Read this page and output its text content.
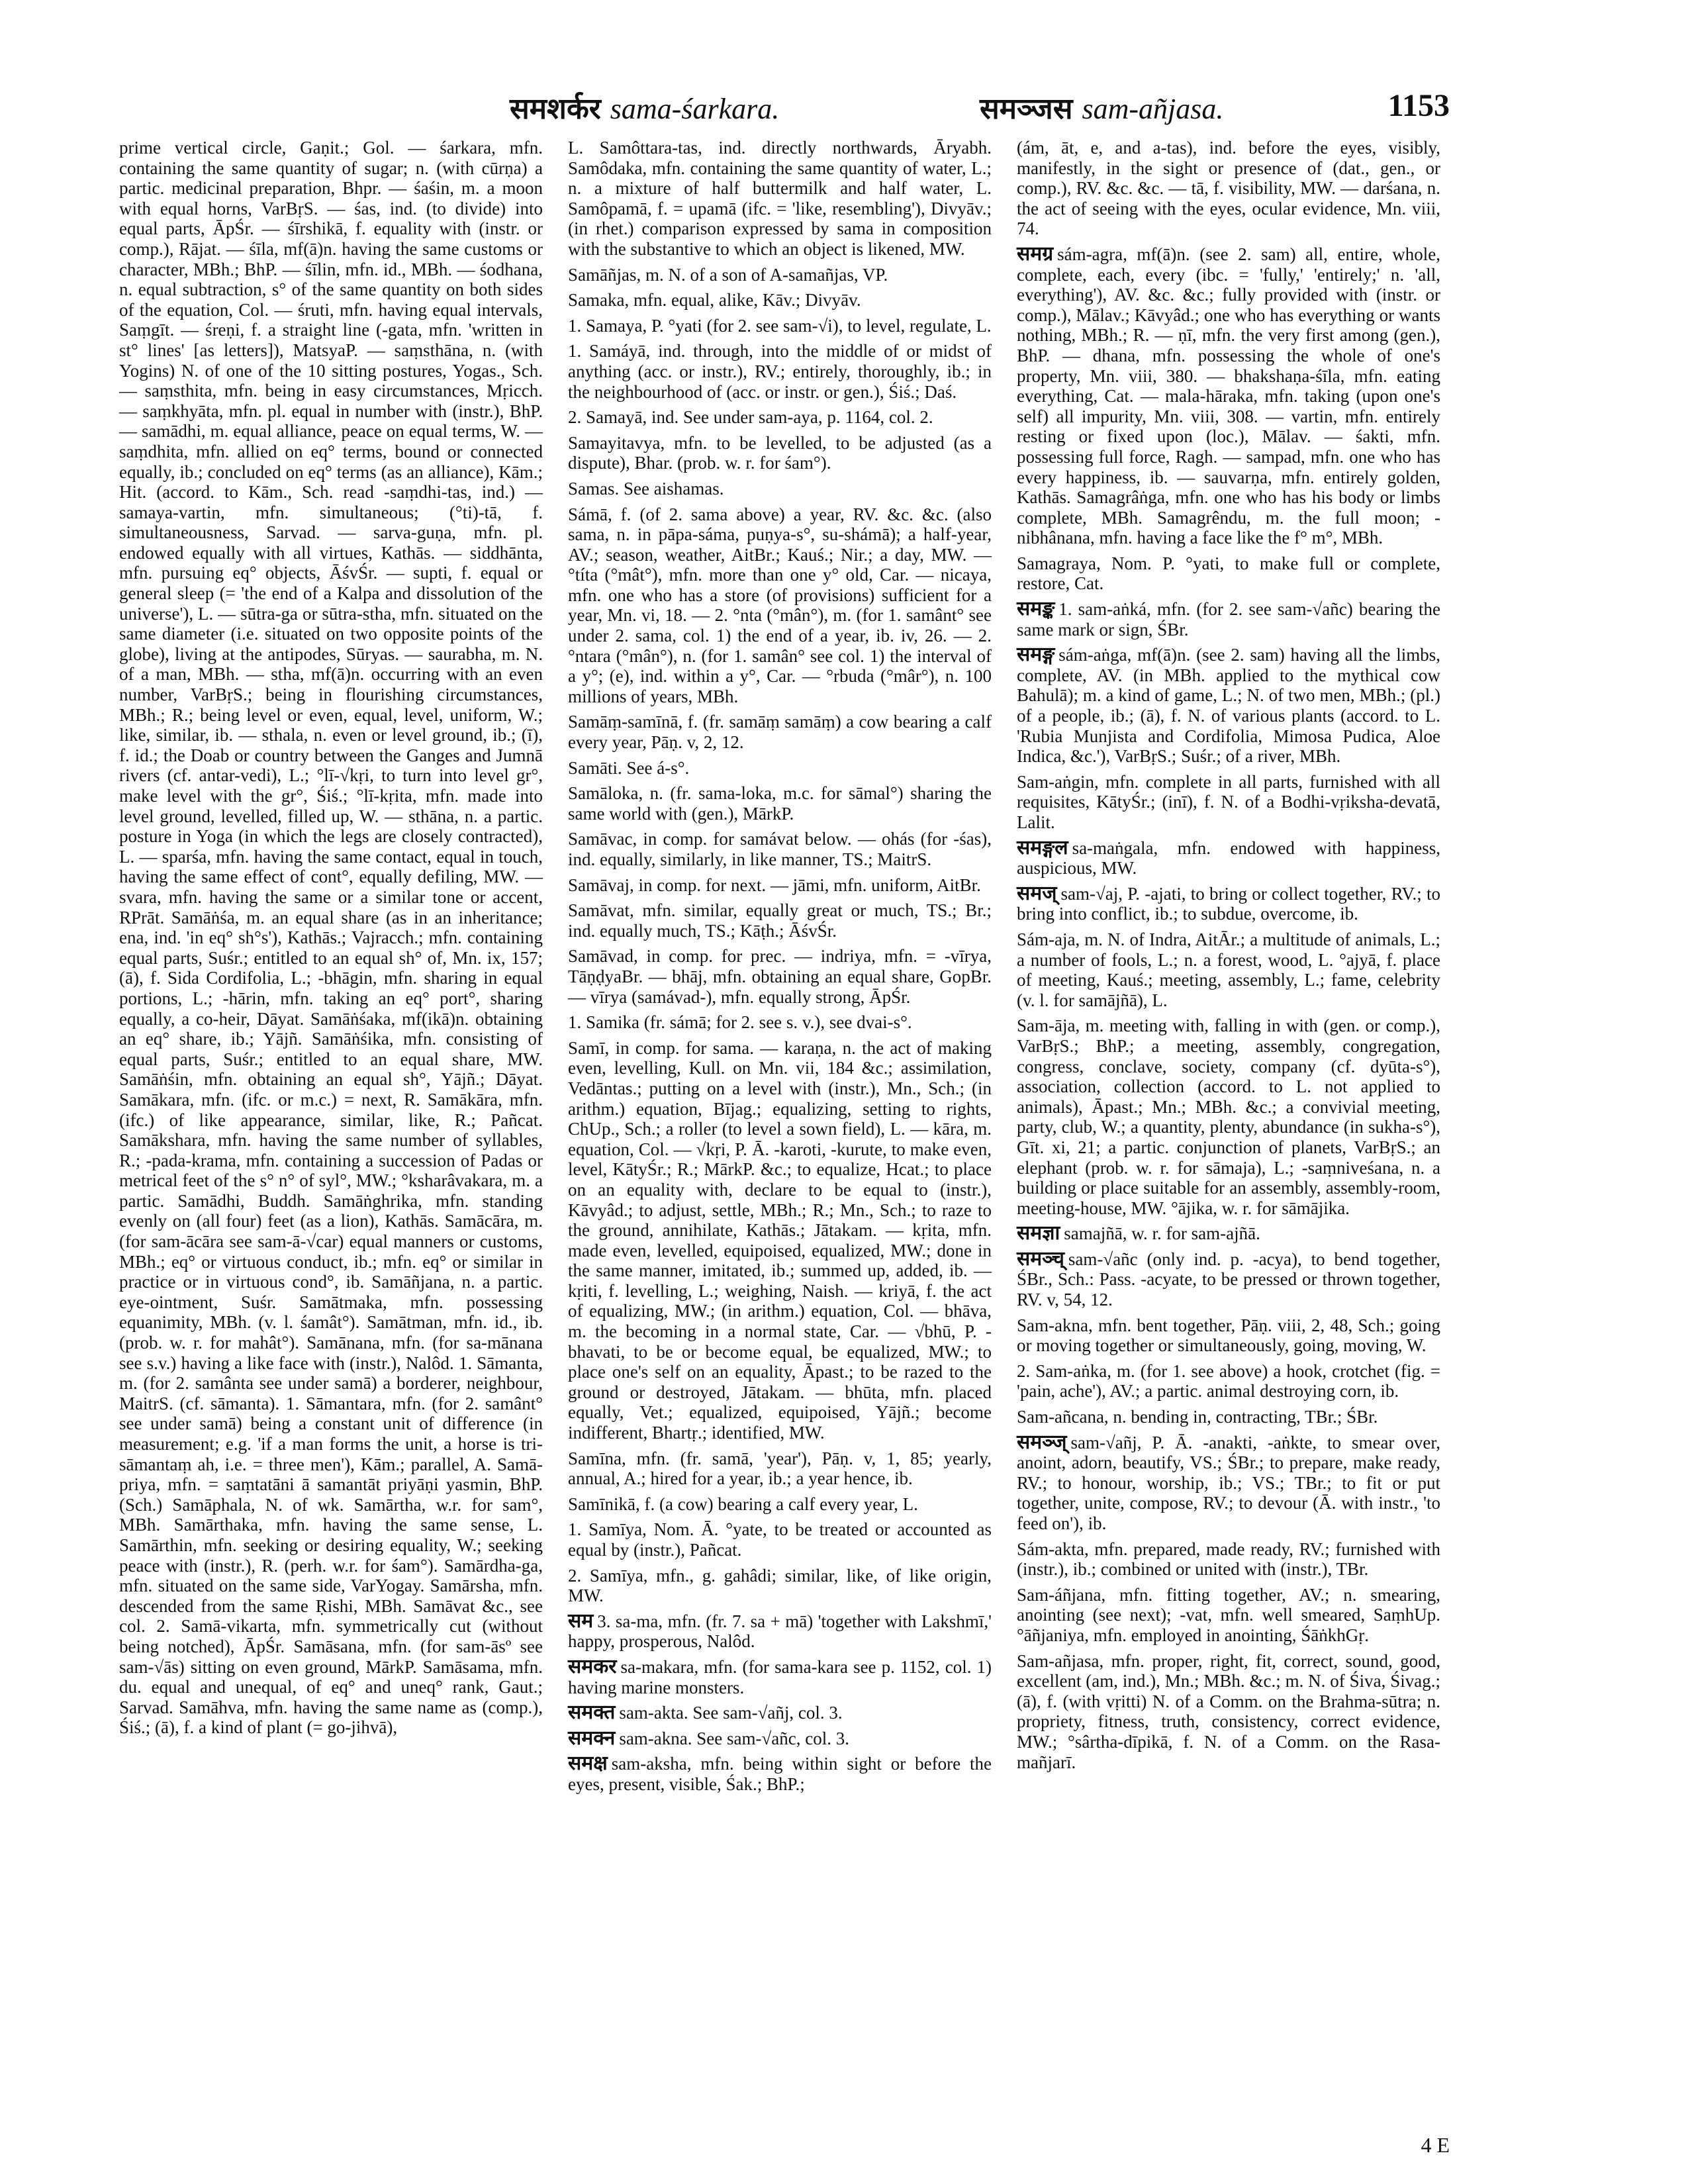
समशर्कर sama-śarkara.	समञ्जस sam-añjasa.	1153

prime vertical circle, Gaṇit.; Gol. — śarkara, mfn. containing the same quantity of sugar; n. (with cūrṇa) a partic. medicinal preparation, Bhpr. — śaśin, m. a moon with equal horns, VarBṛS. — śas, ind. (to divide) into equal parts, ĀpŚr. — śīrshikā, f. equality with (instr. or comp.), Rājat. — śīla, mf(ā)n. having the same customs or character, MBh.; BhP. — śīlin, mfn. id., MBh. — śodhana, n. equal subtraction, s° of the same quantity on both sides of the equation, Col. — śruti, mfn. having equal intervals, Saṃgīt. — śreṇi, f. a straight line (-gata, mfn. 'written in st° lines' [as letters]), MatsyaP. — saṃsthāna, n. (with Yogins) N. of one of the 10 sitting postures, Yogas., Sch. — saṃsthita, mfn. being in easy circumstances, Mṛicch. — saṃkhyāta, mfn. pl. equal in number with (instr.), BhP. — samādhi, m. equal alliance, peace on equal terms, W. — saṃdhita, mfn. allied on eq° terms, bound or connected equally, ib.; concluded on eq° terms (as an alliance), Kām.; Hit. (accord. to Kām., Sch. read -saṃdhi-tas, ind.) — samaya-vartin, mfn. simultaneous; (°ti)-tā, f. simultaneousness, Sarvad. — sarva-guṇa, mfn. pl. endowed equally with all virtues, Kathās. — siddhānta, mfn. pursuing eq° objects, ĀśvŚr. — supti, f. equal or general sleep (= 'the end of a Kalpa and dissolution of the universe'), L. — sūtra-ga or sūtra-stha, mfn. situated on the same diameter (i.e. situated on two opposite points of the globe), living at the antipodes, Sūryas. — saurabha, m. N. of a man, MBh. — stha, mf(ā)n. occurring with an even number, VarBṛS.; being in flourishing circumstances, MBh.; R.; being level or even, equal, level, uniform, W.; like, similar, ib. — sthala, n. even or level ground, ib.; (ī), f. id.; the Doab or country between the Ganges and Jumnā rivers (cf. antar-vedi), L.; °lī-√kṛi, to turn into level gr°, make level with the gr°, Śiś.; °lī-kṛita, mfn. made into level ground, levelled, filled up, W. — sthāna, n. a partic. posture in Yoga (in which the legs are closely contracted), L. — sparśa, mfn. having the same contact, equal in touch, having the same effect of cont°, equally defiling, MW. — svara, mfn. having the same or a similar tone or accent, RPrāt. Samāṅśa, m. an equal share (as in an inheritance; ena, ind. 'in eq° sh°s'), Kathās.; Vajracch.; mfn. containing equal parts, Suśr.; entitled to an equal sh° of, Mn. ix, 157; (ā), f. Sida Cordifolia, L.; -bhāgin, mfn. sharing in equal portions, L.; -hārin, mfn. taking an eq° port°, sharing equally, a co-heir, Dāyat. Samāṅśaka, mf(ikā)n. obtaining an eq° share, ib.; Yājñ. Samāṅśika, mfn. consisting of equal parts, Suśr.; entitled to an equal share, MW. Samāṅśin, mfn. obtaining an equal sh°, Yājñ.; Dāyat. Samākara, mfn. (ifc. or m.c.) = next, R. Samākāra, mfn. (ifc.) of like appearance, similar, like, R.; Pañcat. Samākshara, mfn. having the same number of syllables, R.; -pada-krama, mfn. containing a succession of Padas or metrical feet of the s° n° of syl°, MW.; °ksharâvakara, m. a partic. Samādhi, Buddh. Samāṅghrika, mfn. standing evenly on (all four) feet (as a lion), Kathās. Samācāra, m. (for sam-ācāra see sam-ā-√car) equal manners or customs, MBh.; eq° or virtuous conduct, ib.; mfn. eq° or similar in practice or in virtuous cond°, ib. Samāñjana, n. a partic. eye-ointment, Suśr. Samātmaka, mfn. possessing equanimity, MBh. (v. l. śamât°). Samātman, mfn. id., ib. (prob. w. r. for mahât°). Samānana, mfn. (for sa-mānana see s.v.) having a like face with (instr.), Nalôd. 1. Sāmanta, m. (for 2. samânta see under samā) a borderer, neighbour, MaitrS. (cf. sāmanta). 1. Sāmantara, mfn. (for 2. samânt° see under samā) being a constant unit of difference (in measurement; e.g. 'if a man forms the unit, a horse is tri-sāmantaṃ ah, i.e. = three men'), Kām.; parallel, A. Samā-priya, mfn. = saṃtatāni ā samantāt priyāṇi yasmin, BhP. (Sch.) Samāphala, N. of wk. Samārtha, w.r. for sam°, MBh. Samārthaka, mfn. having the same sense, L. Samārthin, mfn. seeking or desiring equality, W.; seeking peace with (instr.), R. (perh. w.r. for śam°). Samārdha-ga, mfn. situated on the same side, VarYogay. Samārsha, mfn. descended from the same Ṛishi, MBh. Samāvat &c., see col. 2. Samā-vikarta, mfn. symmetrically cut (without being notched), ĀpŚr. Samāsana, mfn. (for sam-āsº see sam-√ās) sitting on even ground, MārkP. Samāsama, mfn. du. equal and unequal, of eq° and uneq° rank, Gaut.; Sarvad. Samāhva, mfn. having the same name as (comp.), Śiś.; (ā), f. a kind of plant (= go-jihvā),

L. Samôttara-tas, ind. directly northwards, Āryabh. Samôdaka, mfn. containing the same quantity of water, L.; n. a mixture of half buttermilk and half water, L. Samôpamā, f. = upamā (ifc. = 'like, resembling'), Divyāv.; (in rhet.) comparison expressed by sama in composition with the substantive to which an object is likened, MW.

Samāñjas, m. N. of a son of A-samañjas, VP.

Samaka, mfn. equal, alike, Kāv.; Divyāv.

1. Samaya, P. °yati (for 2. see sam-√i), to level, regulate, L.

1. Samáyā, ind. through, into the middle of or midst of anything (acc. or instr.), RV.; entirely, thoroughly, ib.; in the neighbourhood of (acc. or instr. or gen.), Śiś.; Daś.

2. Samayā, ind. See under sam-aya, p. 1164, col. 2.

Samayitavya, mfn. to be levelled, to be adjusted (as a dispute), Bhar. (prob. w. r. for śam°).

Samas. See aishamas.

Sámā, f. (of 2. sama above) a year, RV. &c. &c. (also sama, n. in pāpa-sáma, puṇya-s°, su-shámā); a half-year, AV.; season, weather, AitBr.; Kauś.; Nir.; a day, MW. — °títa (°mât°), mfn. more than one y° old, Car. — nicaya, mfn. one who has a store (of provisions) sufficient for a year, Mn. vi, 18. — 2. °nta (°mân°), m. (for 1. samânt° see under 2. sama, col. 1) the end of a year, ib. iv, 26. — 2. °ntara (°mân°), n. (for 1. samân° see col. 1) the interval of a y°; (e), ind. within a y°, Car. — °rbuda (°mâr°), n. 100 millions of years, MBh.

Samāṃ-samīnā, f. (fr. samāṃ samāṃ) a cow bearing a calf every year, Pāṇ. v, 2, 12.

Samāti. See á-s°.

Samāloka, n. (fr. sama-loka, m.c. for sāmal°) sharing the same world with (gen.), MārkP.

Samāvac, in comp. for samávat below. — ohás (for -śas), ind. equally, similarly, in like manner, TS.; MaitrS.

Samāvaj, in comp. for next. — jāmi, mfn. uniform, AitBr.

Samāvat, mfn. similar, equally great or much, TS.; Br.; ind. equally much, TS.; Kāṭh.; ĀśvŚr.

Samāvad, in comp. for prec. — indriya, mfn. = -vīrya, TāṇḍyaBr. — bhāj, mfn. obtaining an equal share, GopBr. — vīrya (samávad-), mfn. equally strong, ĀpŚr.

1. Samika (fr. sámā; for 2. see s. v.), see dvai-s°.

Samī, in comp. for sama. — karaṇa, n. the act of making even, levelling, Kull. on Mn. vii, 184 &c.; assimilation, Vedāntas.; putting on a level with (instr.), Mn., Sch.; (in arithm.) equation, Bījag.; equalizing, setting to rights, ChUp., Sch.; a roller (to level a sown field), L. — kāra, m. equation, Col. — √kṛi, P. Ā. -karoti, -kurute, to make even, level, KātyŚr.; R.; MārkP. &c.; to equalize, Hcat.; to place on an equality with, declare to be equal to (instr.), Kāvyâd.; to adjust, settle, MBh.; R.; Mn., Sch.; to raze to the ground, annihilate, Kathās.; Jātakam. — kṛita, mfn. made even, levelled, equipoised, equalized, MW.; done in the same manner, imitated, ib.; summed up, added, ib. — kṛiti, f. levelling, L.; weighing, Naish. — kriyā, f. the act of equalizing, MW.; (in arithm.) equation, Col. — bhāva, m. the becoming in a normal state, Car. — √bhū, P. -bhavati, to be or become equal, be equalized, MW.; to place one's self on an equality, Āpast.; to be razed to the ground or destroyed, Jātakam. — bhūta, mfn. placed equally, Vet.; equalized, equipoised, Yājñ.; become indifferent, Bhartṛ.; identified, MW.

Samīna, mfn. (fr. samā, 'year'), Pāṇ. v, 1, 85; yearly, annual, A.; hired for a year, ib.; a year hence, ib.

Samīnikā, f. (a cow) bearing a calf every year, L.

1. Samīya, Nom. Ā. °yate, to be treated or accounted as equal by (instr.), Pañcat.

2. Samīya, mfn., g. gahâdi; similar, like, of like origin, MW.

सम 3. sa-ma, mfn. (fr. 7. sa + mā) 'together with Lakshmī,' happy, prosperous, Nalôd.

समकर sa-makara, mfn. (for sama-kara see p. 1152, col. 1) having marine monsters.

समक्त sam-akta. See sam-√añj, col. 3.

समक्न sam-akna. See sam-√añc, col. 3.

समक्ष sam-aksha, mfn. being within sight or before the eyes, present, visible, Śak.; BhP.;

(ám, āt, e, and a-tas), ind. before the eyes, visibly, manifestly, in the sight or presence of (dat., gen., or comp.), RV. &c. &c. — tā, f. visibility, MW. — darśana, n. the act of seeing with the eyes, ocular evidence, Mn. viii, 74.

समग्र sám-agra, mf(ā)n. (see 2. sam) all, entire, whole, complete, each, every (ibc. = 'fully,' 'entirely;' n. 'all, everything'), AV. &c. &c.; fully provided with (instr. or comp.), Mālav.; Kāvyâd.; one who has everything or wants nothing, MBh.; R. — ṇī, mfn. the very first among (gen.), BhP. — dhana, mfn. possessing the whole of one's property, Mn. viii, 380. — bhakshaṇa-śīla, mfn. eating everything, Cat. — mala-hāraka, mfn. taking (upon one's self) all impurity, Mn. viii, 308. — vartin, mfn. entirely resting or fixed upon (loc.), Mālav. — śakti, mfn. possessing full force, Ragh. — sampad, mfn. one who has every happiness, ib. — sauvarṇa, mfn. entirely golden, Kathās. Samagrâṅga, mfn. one who has his body or limbs complete, MBh. Samagrêndu, m. the full moon; -nibhânana, mfn. having a face like the f° m°, MBh.

Samagraya, Nom. P. °yati, to make full or complete, restore, Cat.

समङ्क 1. sam-aṅká, mfn. (for 2. see sam-√añc) bearing the same mark or sign, ŚBr.

समङ्ग sám-aṅga, mf(ā)n. (see 2. sam) having all the limbs, complete, AV. (in MBh. applied to the mythical cow Bahulā); m. a kind of game, L.; N. of two men, MBh.; (pl.) of a people, ib.; (ā), f. N. of various plants (accord. to L. 'Rubia Munjista and Cordifolia, Mimosa Pudica, Aloe Indica, &c.'), VarBṛS.; Suśr.; of a river, MBh.

Sam-aṅgin, mfn. complete in all parts, furnished with all requisites, KātyŚr.; (inī), f. N. of a Bodhi-vṛiksha-devatā, Lalit.

समङ्गल sa-maṅgala, mfn. endowed with happiness, auspicious, MW.

समज् sam-√aj, P. -ajati, to bring or collect together, RV.; to bring into conflict, ib.; to subdue, overcome, ib.

Sám-aja, m. N. of Indra, AitĀr.; a multitude of animals, L.; a number of fools, L.; n. a forest, wood, L. °ajyā, f. place of meeting, Kauś.; meeting, assembly, L.; fame, celebrity (v. l. for samājñā), L.

Sam-āja, m. meeting with, falling in with (gen. or comp.), VarBṛS.; BhP.; a meeting, assembly, congregation, congress, conclave, society, company (cf. dyūta-s°), association, collection (accord. to L. not applied to animals), Āpast.; Mn.; MBh. &c.; a convivial meeting, party, club, W.; a quantity, plenty, abundance (in sukha-s°), Gīt. xi, 21; a partic. conjunction of planets, VarBṛS.; an elephant (prob. w. r. for sāmaja), L.; -saṃniveśana, n. a building or place suitable for an assembly, assembly-room, meeting-house, MW. °ājika, w. r. for sāmājika.

समज्ञा samajñā, w. r. for sam-ajñā.

समञ्च् sam-√añc (only ind. p. -acya), to bend together, ŚBr., Sch.: Pass. -acyate, to be pressed or thrown together, RV. v, 54, 12.

Sam-akna, mfn. bent together, Pāṇ. viii, 2, 48, Sch.; going or moving together or simultaneously, going, moving, W.

2. Sam-aṅka, m. (for 1. see above) a hook, crotchet (fig. = 'pain, ache'), AV.; a partic. animal destroying corn, ib.

Sam-añcana, n. bending in, contracting, TBr.; ŚBr.

समञ्ज् sam-√añj, P. Ā. -anakti, -aṅkte, to smear over, anoint, adorn, beautify, VS.; ŚBr.; to prepare, make ready, RV.; to honour, worship, ib.; VS.; TBr.; to fit or put together, unite, compose, RV.; to devour (Ā. with instr., 'to feed on'), ib.

Sám-akta, mfn. prepared, made ready, RV.; furnished with (instr.), ib.; combined or united with (instr.), TBr.

Sam-áñjana, mfn. fitting together, AV.; n. smearing, anointing (see next); -vat, mfn. well smeared, SaṃhUp. °āñjaniya, mfn. employed in anointing, ŚāṅkhGṛ.

Sam-añjasa, mfn. proper, right, fit, correct, sound, good, excellent (am, ind.), Mn.; MBh. &c.; m. N. of Śiva, Śivag.; (ā), f. (with vṛitti) N. of a Comm. on the Brahma-sūtra; n. propriety, fitness, truth, consistency, correct evidence, MW.; °sârtha-dīpikā, f. N. of a Comm. on the Rasa-mañjarī.

4 E
